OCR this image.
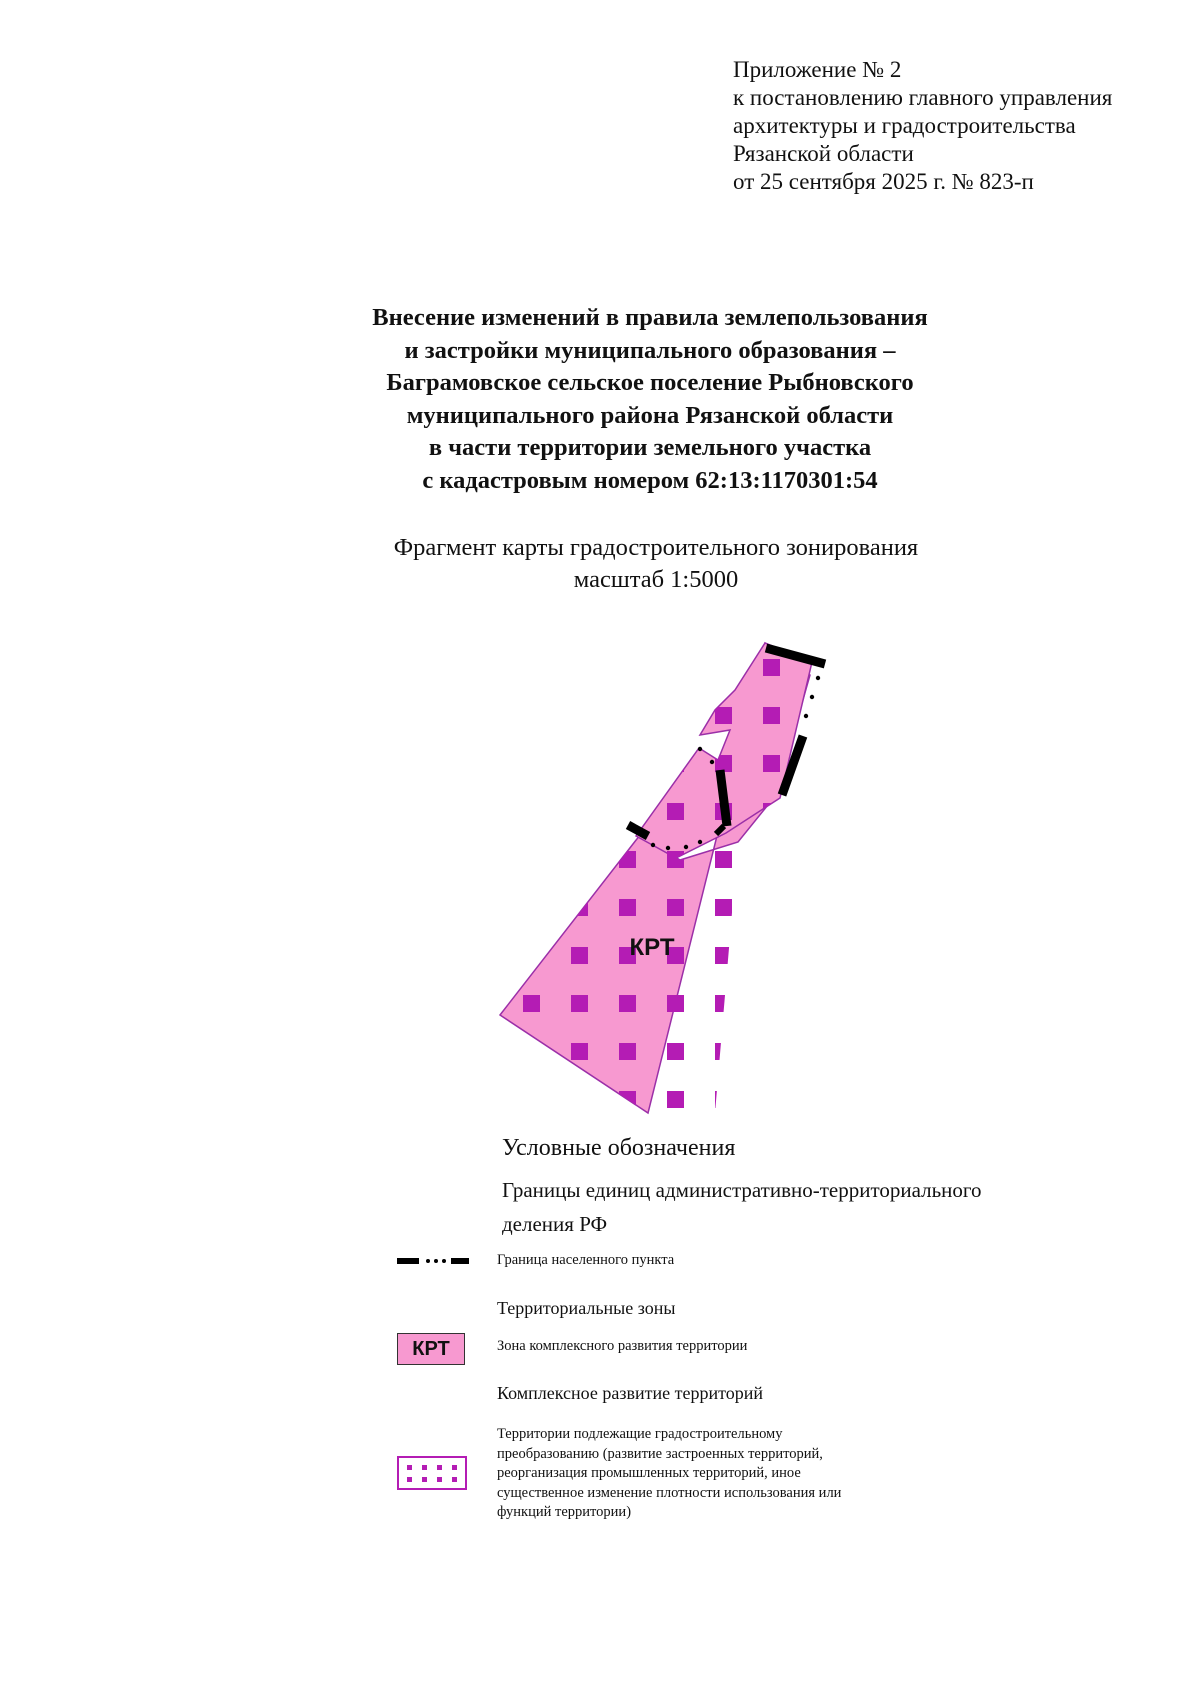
Приложение № 2
к постановлению главного управления
архитектуры и градостроительства
Рязанской области
от 25 сентября 2025 г. № 823-п
Внесение изменений в правила землепользования
и застройки муниципального образования –
Баграмовское сельское поселение Рыбновского
муниципального района Рязанской области
в части территории земельного участка
с кадастровым номером 62:13:1170301:54
Фрагмент карты градостроительного зонирования
масштаб 1:5000
КРТ
Условные обозначения
Границы единиц административно-территориального
деления РФ
Граница населенного пункта
Территориальные зоны
КРТ	Зона комплексного развития территории
Комплексное развитие территорий
Территории подлежащие градостроительному
преобразованию (развитие застроенных территорий,
реорганизация промышленных территорий, иное
существенное изменение плотности использования или
функций территории)
